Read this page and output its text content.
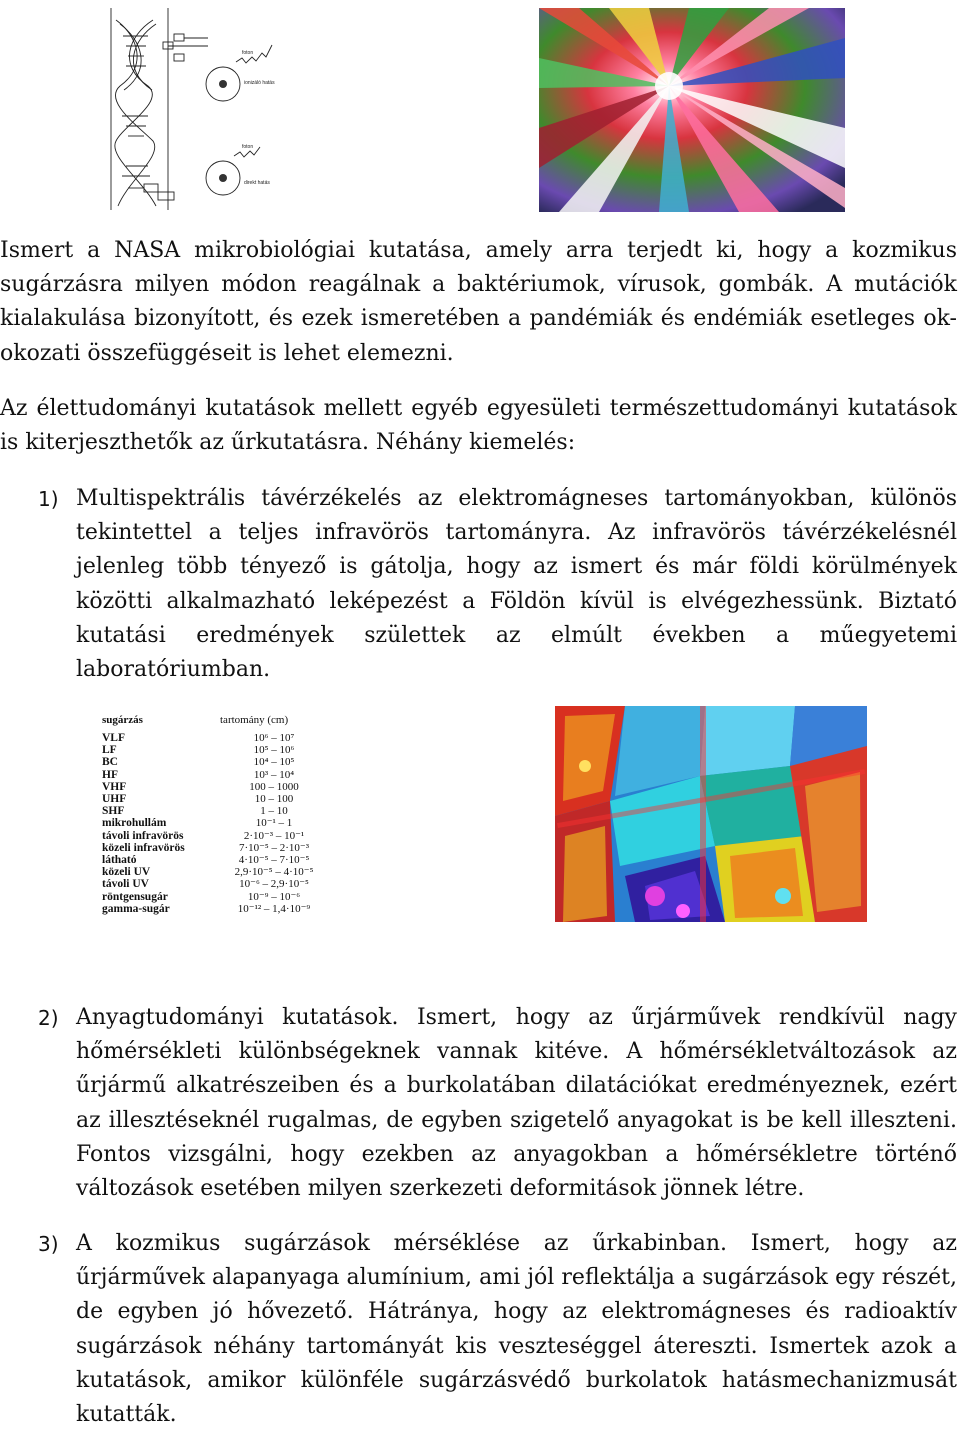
foton
ionizáló hatás
foton
direkt hatás

Ismert a NASA mikrobiológiai kutatása, amely arra terjedt ki, hogy a kozmikus sugárzásra milyen módon reagálnak a baktériumok, vírusok, gombák. A mutációk kialakulása bizonyított, és ezek ismeretében a pandémiák és endémiák esetleges ok-okozati összefüggéseit is lehet elemezni.

Az élettudományi kutatások mellett egyéb egyesületi természettudományi kutatások is kiterjeszthetők az űrkutatásra. Néhány kiemelés:

1) Multispektrális távérzékelés az elektromágneses tartományokban, különös tekintettel a teljes infravörös tartományra. Az infravörös távérzékelésnél jelenleg több tényező is gátolja, hogy az ismert és már földi körülmények közötti alkalmazható leképezést a Földön kívül is elvégezhessünk. Biztató kutatási eredmények születtek az elmúlt években a műegyetemi laboratóriumban.
sugárzás	tartomány (cm)
VLF
LF
BC
HF
VHF
UHF
SHF
mikrohullám
távoli infravörös
közeli infravörös
látható
közeli UV
távoli UV
röntgensugár
gamma-sugár
10⁶ – 10⁷
10⁵ – 10⁶
10⁴ – 10⁵
10³ – 10⁴
100 – 1000
10 – 100
1 – 10
10⁻¹ – 1
2·10⁻³ – 10⁻¹
7·10⁻⁵ – 2·10⁻³
4·10⁻⁵ – 7·10⁻⁵
2,9·10⁻⁵ – 4·10⁻⁵
10⁻⁶ – 2,9·10⁻⁵
10⁻⁹ – 10⁻⁶
10⁻¹² – 1,4·10⁻⁹
2) Anyagtudományi kutatások. Ismert, hogy az űrjárművek rendkívül nagy hőmérsékleti különbségeknek vannak kitéve. A hőmérsékletváltozások az űrjármű alkatrészeiben és a burkolatában dilatációkat eredményeznek, ezért az illesztéseknél rugalmas, de egyben szigetelő anyagokat is be kell illeszteni. Fontos vizsgálni, hogy ezekben az anyagokban a hőmérsékletre történő változások esetében milyen szerkezeti deformitások jönnek létre.
3) A kozmikus sugárzások mérséklése az űrkabinban. Ismert, hogy az űrjárművek alapanyaga alumínium, ami jól reflektálja a sugárzások egy részét, de egyben jó hővezető. Hátránya, hogy az elektromágneses és radioaktív sugárzások néhány tartományát kis veszteséggel átereszti. Ismertek azok a kutatások, amikor különféle sugárzásvédő burkolatok hatásmechanizmusát kutatták.
